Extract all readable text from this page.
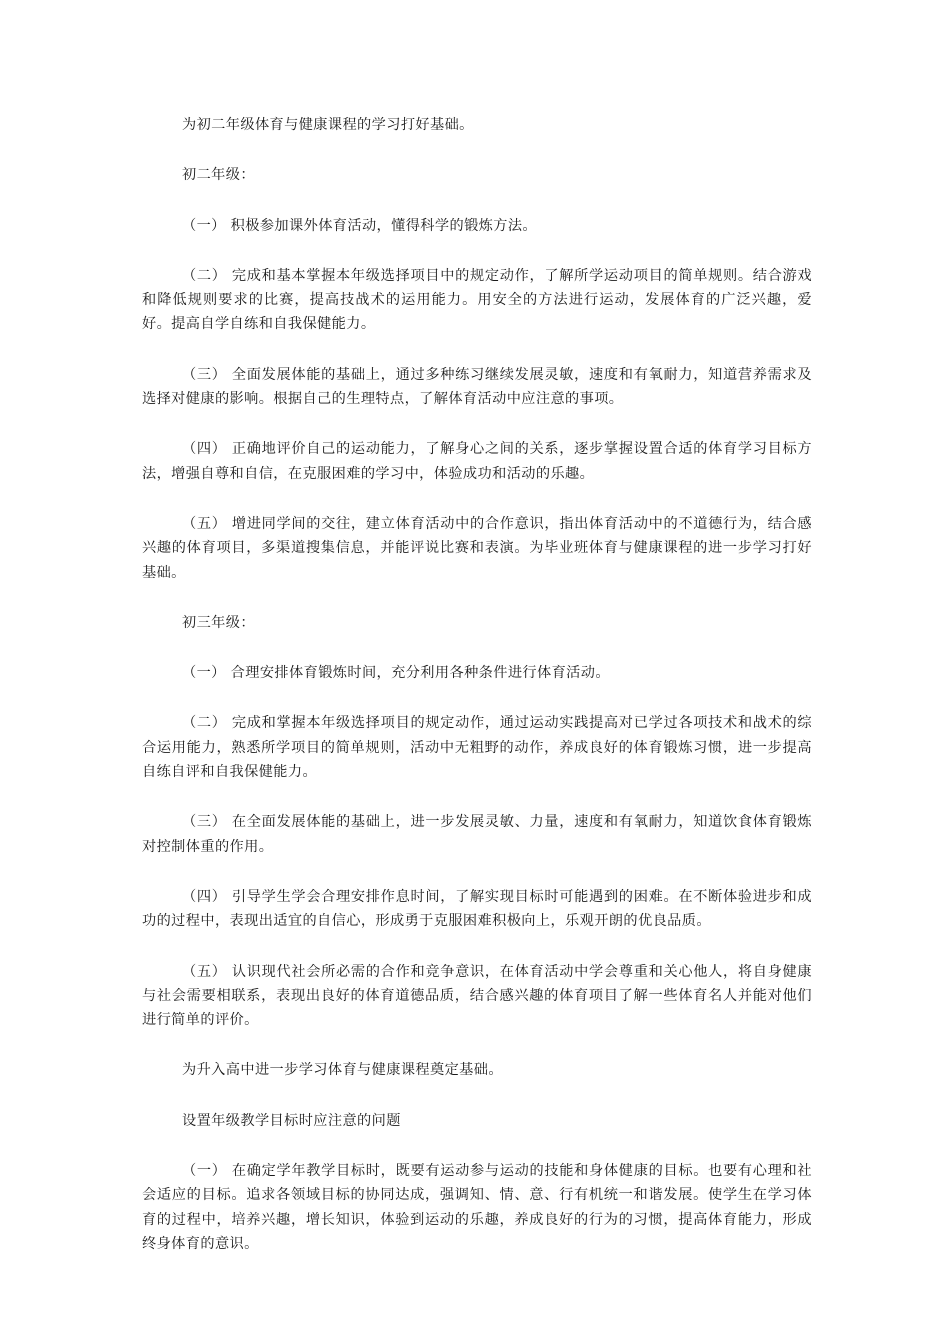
为初二年级体育与健康课程的学习打好基础。

初二年级：

（一） 积极参加课外体育活动，懂得科学的锻炼方法。

（二） 完成和基本掌握本年级选择项目中的规定动作，了解所学运动项目的简单规则。结合游戏和降低规则要求的比赛，提高技战术的运用能力。用安全的方法进行运动，发展体育的广泛兴趣，爱好。提高自学自练和自我保健能力。

（三） 全面发展体能的基础上，通过多种练习继续发展灵敏，速度和有氧耐力，知道营养需求及选择对健康的影响。根据自己的生理特点，了解体育活动中应注意的事项。

（四） 正确地评价自己的运动能力，了解身心之间的关系，逐步掌握设置合适的体育学习目标方法，增强自尊和自信，在克服困难的学习中，体验成功和活动的乐趣。

（五） 增进同学间的交往，建立体育活动中的合作意识，指出体育活动中的不道德行为，结合感兴趣的体育项目，多渠道搜集信息，并能评说比赛和表演。为毕业班体育与健康课程的进一步学习打好基础。

初三年级：

（一） 合理安排体育锻炼时间，充分利用各种条件进行体育活动。

（二） 完成和掌握本年级选择项目的规定动作，通过运动实践提高对已学过各项技术和战术的综合运用能力，熟悉所学项目的简单规则，活动中无粗野的动作，养成良好的体育锻炼习惯，进一步提高自练自评和自我保健能力。

（三） 在全面发展体能的基础上，进一步发展灵敏、力量，速度和有氧耐力，知道饮食体育锻炼对控制体重的作用。

（四） 引导学生学会合理安排作息时间，了解实现目标时可能遇到的困难。在不断体验进步和成功的过程中，表现出适宜的自信心，形成勇于克服困难积极向上，乐观开朗的优良品质。

（五） 认识现代社会所必需的合作和竞争意识，在体育活动中学会尊重和关心他人，将自身健康与社会需要相联系，表现出良好的体育道德品质，结合感兴趣的体育项目了解一些体育名人并能对他们进行简单的评价。

为升入高中进一步学习体育与健康课程奠定基础。

设置年级教学目标时应注意的问题

（一） 在确定学年教学目标时，既要有运动参与运动的技能和身体健康的目标。也要有心理和社会适应的目标。追求各领域目标的协同达成，强调知、情、意、行有机统一和谐发展。使学生在学习体育的过程中，培养兴趣，增长知识，体验到运动的乐趣，养成良好的行为的习惯，提高体育能力，形成终身体育的意识。
